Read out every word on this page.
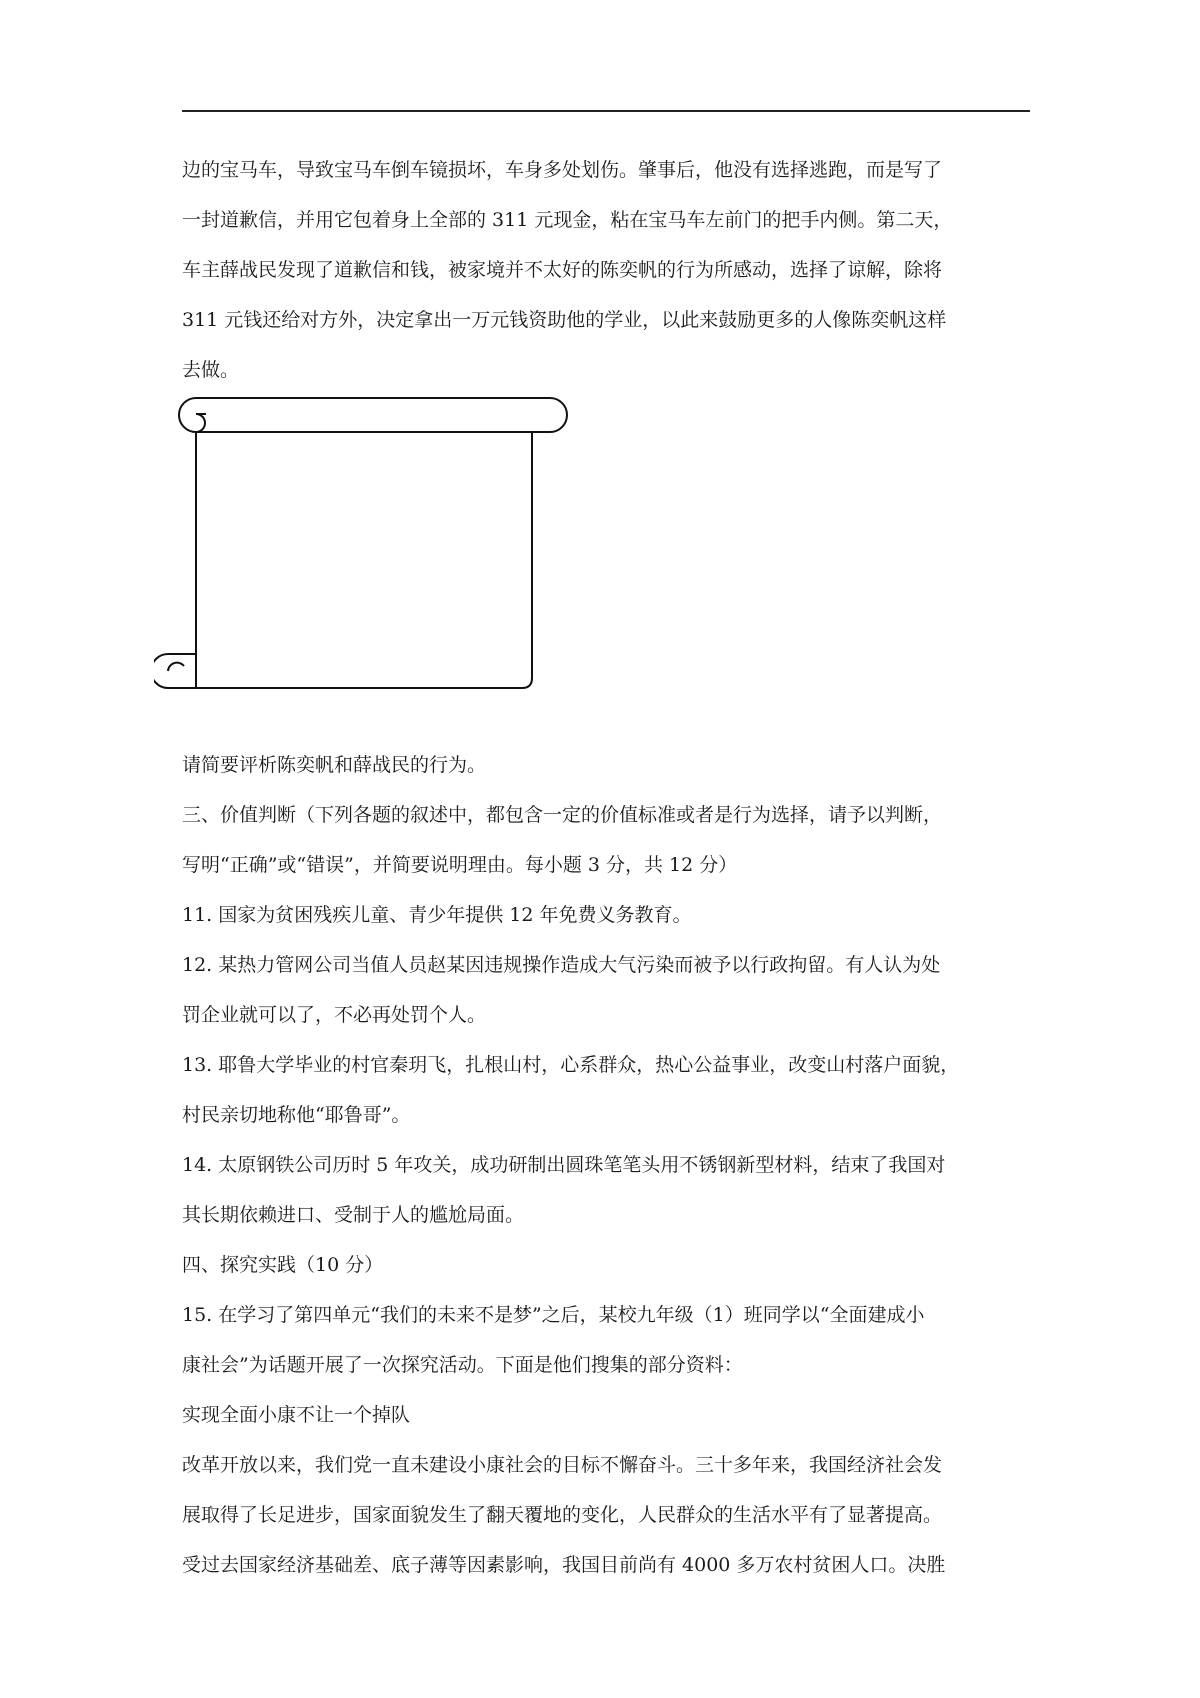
边的宝马车，导致宝马车倒车镜损坏，车身多处划伤。肇事后，他没有选择逃跑，而是写了
一封道歉信，并用它包着身上全部的 311 元现金，粘在宝马车左前门的把手内侧。第二天，
车主薛战民发现了道歉信和钱，被家境并不太好的陈奕帆的行为所感动，选择了谅解，除将
311 元钱还给对方外，决定拿出一万元钱资助他的学业，以此来鼓励更多的人像陈奕帆这样
去做。
请简要评析陈奕帆和薛战民的行为。
三、价值判断（下列各题的叙述中，都包含一定的价值标准或者是行为选择，请予以判断，
写明“正确”或“错误”，并简要说明理由。每小题 3 分，共 12 分）
11. 国家为贫困残疾儿童、青少年提供 12 年免费义务教育。
12. 某热力管网公司当值人员赵某因违规操作造成大气污染而被予以行政拘留。有人认为处
罚企业就可以了，不必再处罚个人。
13. 耶鲁大学毕业的村官秦玥飞，扎根山村，心系群众，热心公益事业，改变山村落户面貌，
村民亲切地称他“耶鲁哥”。
14. 太原钢铁公司历时 5 年攻关，成功研制出圆珠笔笔头用不锈钢新型材料，结束了我国对
其长期依赖进口、受制于人的尴尬局面。
四、探究实践（10 分）
15. 在学习了第四单元“我们的未来不是梦”之后，某校九年级（1）班同学以“全面建成小
康社会”为话题开展了一次探究活动。下面是他们搜集的部分资料：
实现全面小康不让一个掉队
改革开放以来，我们党一直未建设小康社会的目标不懈奋斗。三十多年来，我国经济社会发
展取得了长足进步，国家面貌发生了翻天覆地的变化，人民群众的生活水平有了显著提高。
受过去国家经济基础差、底子薄等因素影响，我国目前尚有 4000 多万农村贫困人口。决胜
